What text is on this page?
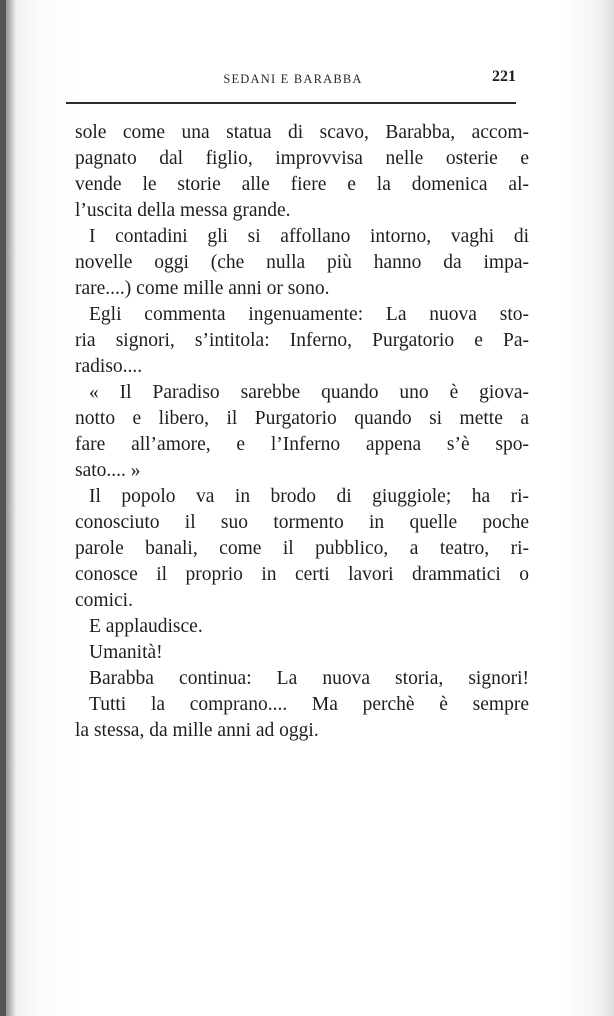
SEDANI E BARABBA	221
sole come una statua di scavo, Barabba, accom-
pagnato dal figlio, improvvisa nelle osterie e
vende le storie alle fiere e la domenica al-
l’uscita della messa grande.
I contadini gli si affollano intorno, vaghi di
novelle oggi (che nulla più hanno da impa-
rare....) come mille anni or sono.
Egli commenta ingenuamente: La nuova sto-
ria signori, s’intitola: Inferno, Purgatorio e Pa-
radiso....
« Il Paradiso sarebbe quando uno è giova-
notto e libero, il Purgatorio quando si mette a
fare all’amore, e l’Inferno appena s’è spo-
sato.... »
Il popolo va in brodo di giuggiole; ha ri-
conosciuto il suo tormento in quelle poche
parole banali, come il pubblico, a teatro, ri-
conosce il proprio in certi lavori drammatici o
comici.
E applaudisce.
Umanità!
Barabba continua: La nuova storia, signori!
Tutti la comprano.... Ma perchè è sempre
la stessa, da mille anni ad oggi.
